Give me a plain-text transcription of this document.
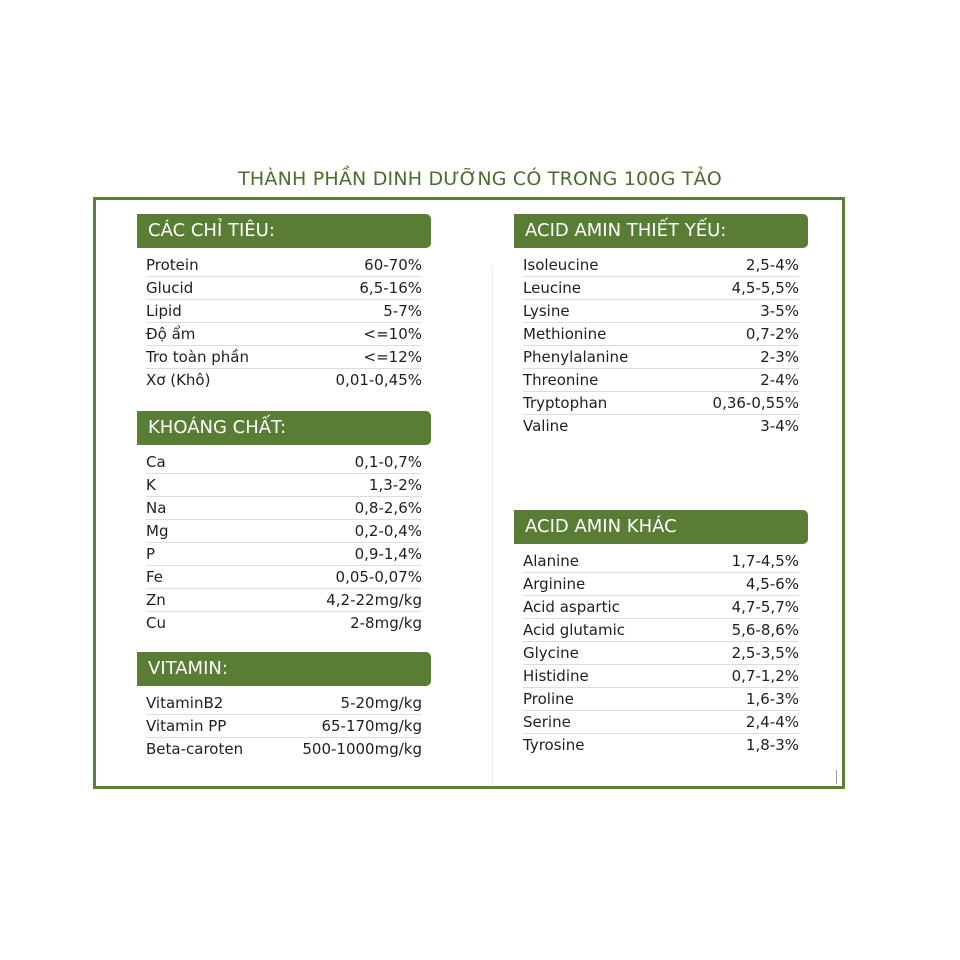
THÀNH PHẦN DINH DƯỠNG CÓ TRONG 100G TẢO
CÁC CHỈ TIÊU:
Protein	60-70%
Glucid	6,5-16%
Lipid	5-7%
Độ ẩm	<=10%
Tro toàn phần	<=12%
Xơ (Khô)	0,01-0,45%
KHOÁNG CHẤT:
Ca	0,1-0,7%
K	1,3-2%
Na	0,8-2,6%
Mg	0,2-0,4%
P	0,9-1,4%
Fe	0,05-0,07%
Zn	4,2-22mg/kg
Cu	2-8mg/kg
VITAMIN:
VitaminB2	5-20mg/kg
Vitamin PP	65-170mg/kg
Beta-caroten	500-1000mg/kg
ACID AMIN THIẾT YẾU:
Isoleucine	2,5-4%
Leucine	4,5-5,5%
Lysine	3-5%
Methionine	0,7-2%
Phenylalanine	2-3%
Threonine	2-4%
Tryptophan	0,36-0,55%
Valine	3-4%
ACID AMIN KHÁC
Alanine	1,7-4,5%
Arginine	4,5-6%
Acid aspartic	4,7-5,7%
Acid glutamic	5,6-8,6%
Glycine	2,5-3,5%
Histidine	0,7-1,2%
Proline	1,6-3%
Serine	2,4-4%
Tyrosine	1,8-3%
